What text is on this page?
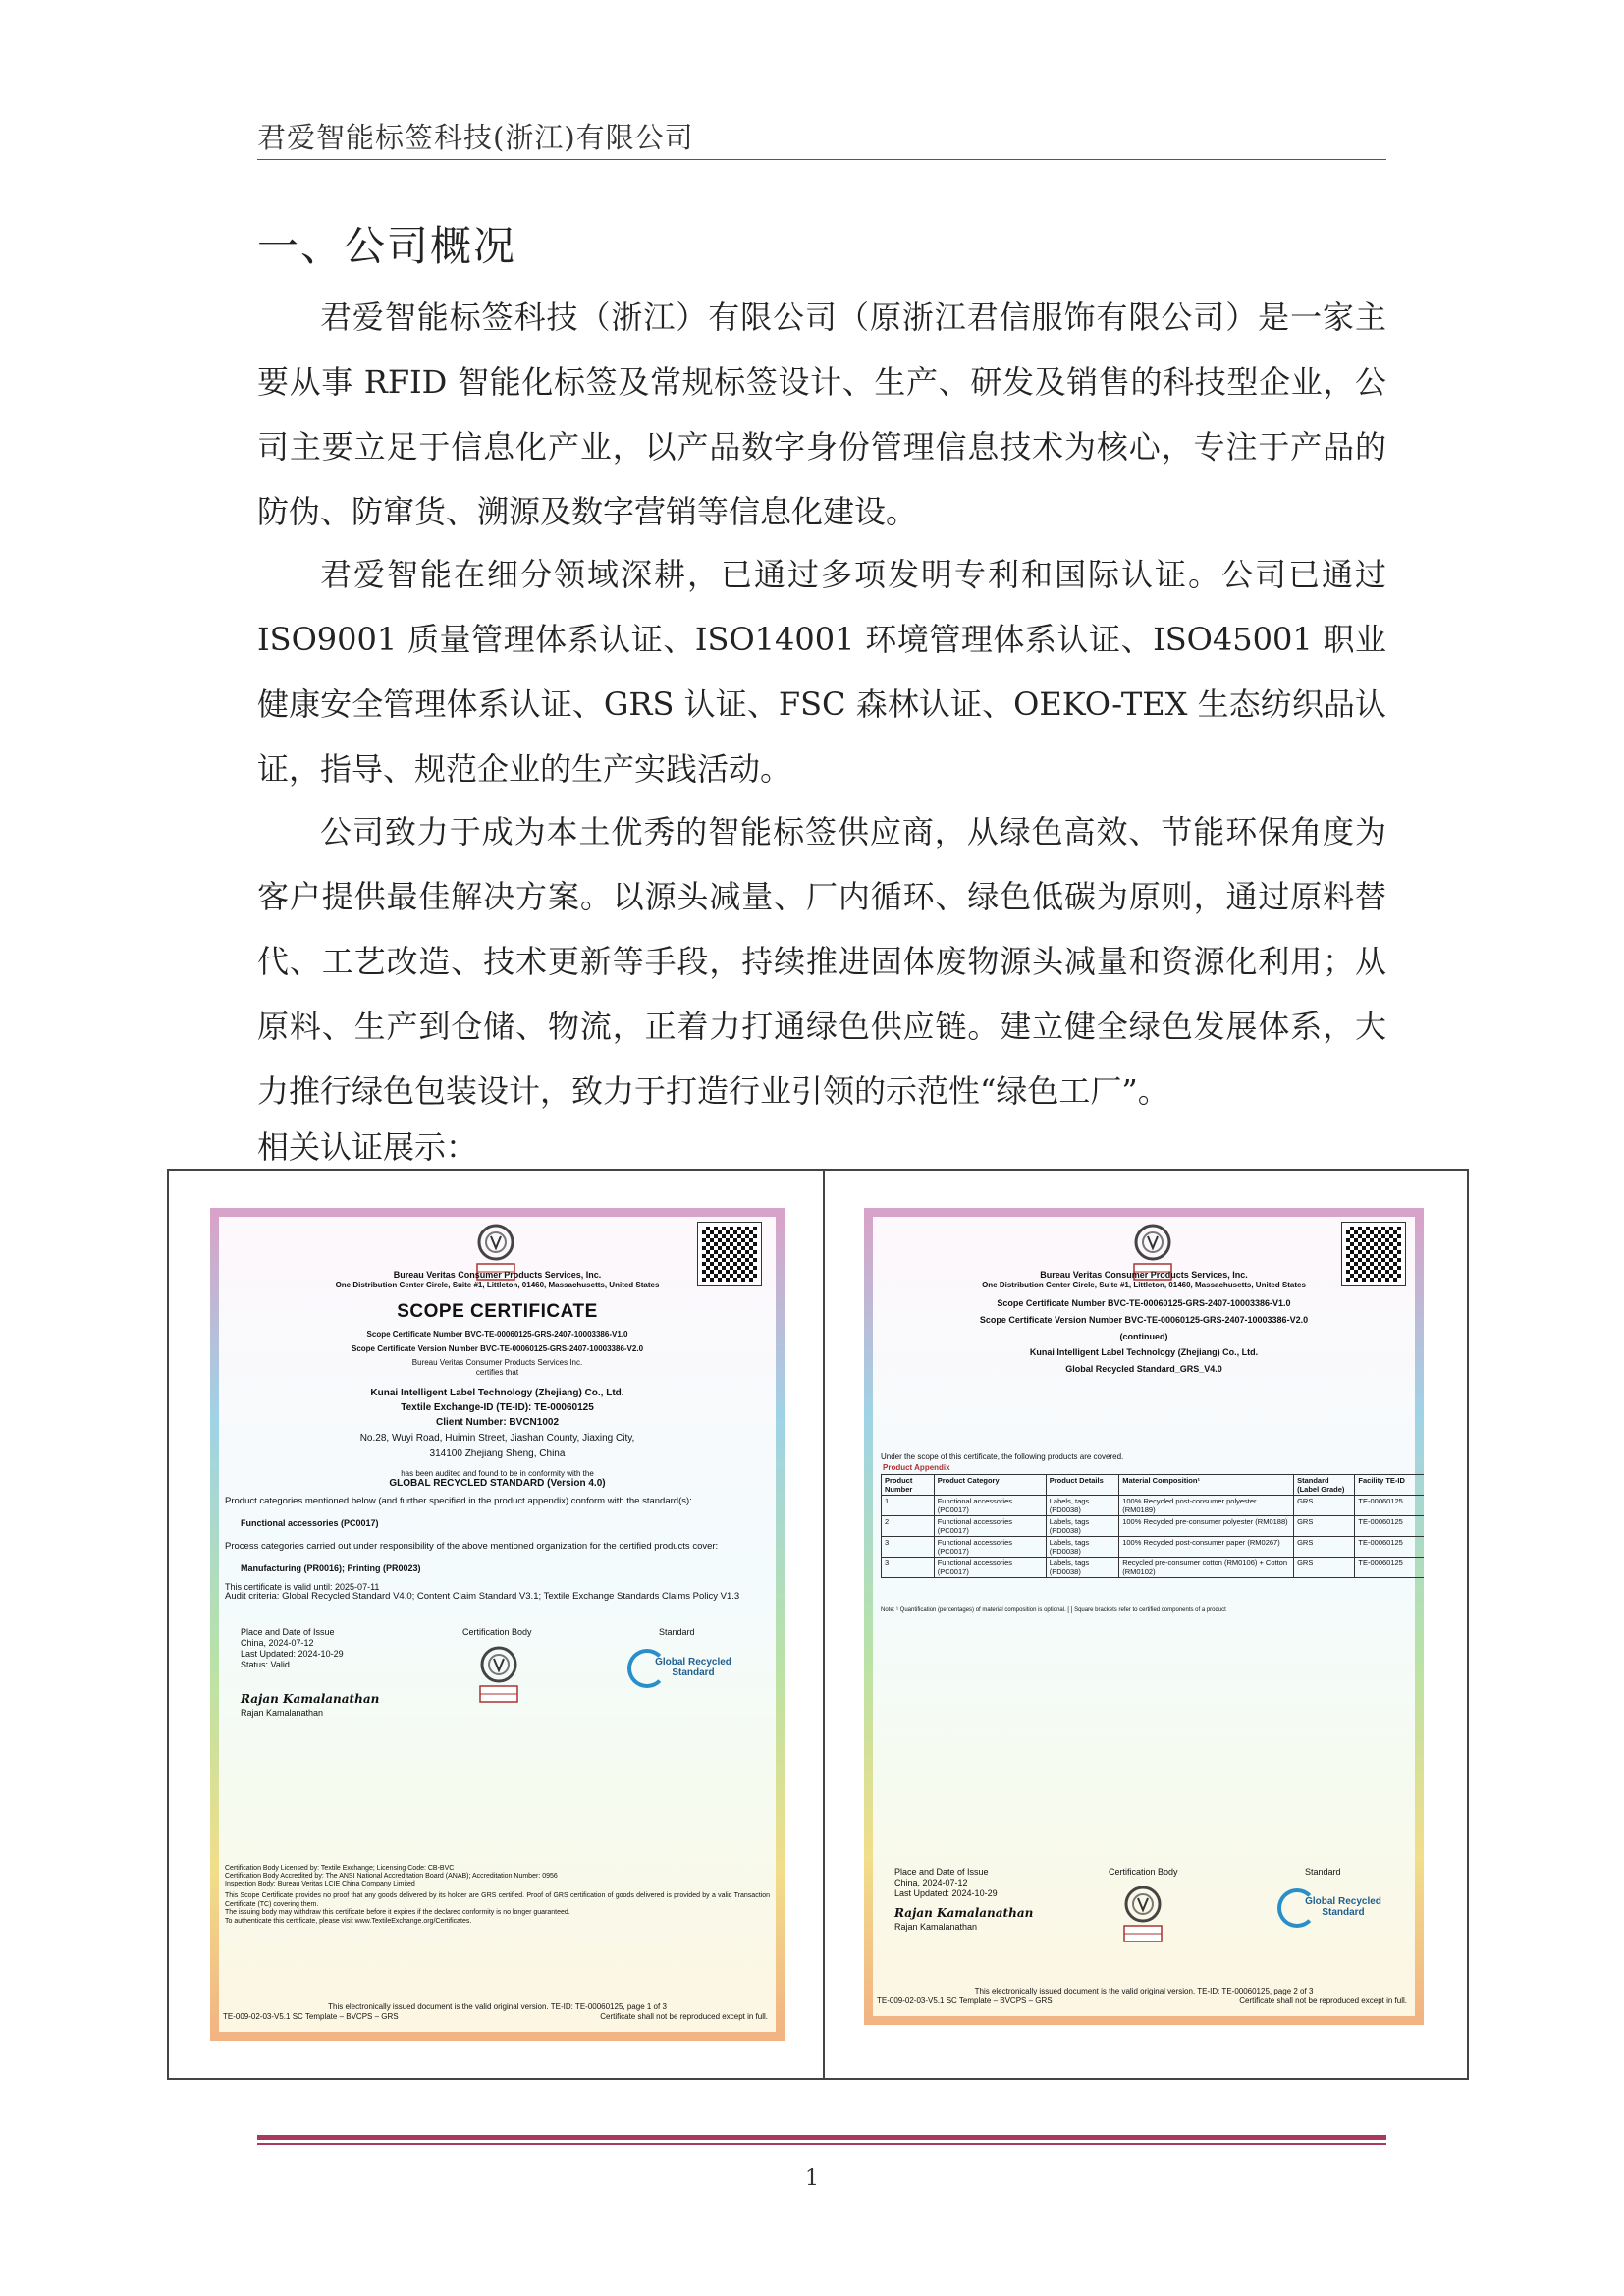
君爱智能标签科技(浙江)有限公司
一、公司概况

君爱智能标签科技（浙江）有限公司（原浙江君信服饰有限公司）是一家主要从事 RFID 智能化标签及常规标签设计、生产、研发及销售的科技型企业，公司主要立足于信息化产业，以产品数字身份管理信息技术为核心，专注于产品的防伪、防窜货、溯源及数字营销等信息化建设。

君爱智能在细分领域深耕，已通过多项发明专利和国际认证。公司已通过 ISO9001 质量管理体系认证、ISO14001 环境管理体系认证、ISO45001 职业健康安全管理体系认证、GRS 认证、FSC 森林认证、OEKO-TEX 生态纺织品认证，指导、规范企业的生产实践活动。

公司致力于成为本土优秀的智能标签供应商，从绿色高效、节能环保角度为客户提供最佳解决方案。以源头减量、厂内循环、绿色低碳为原则，通过原料替代、工艺改造、技术更新等手段，持续推进固体废物源头减量和资源化利用；从原料、生产到仓储、物流，正着力打通绿色供应链。建立健全绿色发展体系，大力推行绿色包装设计，致力于打造行业引领的示范性“绿色工厂”。

相关认证展示：
Bureau Veritas Consumer Products Services, Inc.
One Distribution Center Circle, Suite #1, Littleton, 01460, Massachusetts, United States
SCOPE CERTIFICATE
Scope Certificate Number BVC-TE-00060125-GRS-2407-10003386-V1.0
Scope Certificate Version Number BVC-TE-00060125-GRS-2407-10003386-V2.0
Bureau Veritas Consumer Products Services Inc.
certifies that
Kunai Intelligent Label Technology (Zhejiang) Co., Ltd.
Textile Exchange-ID (TE-ID): TE-00060125
Client Number: BVCN1002
No.28, Wuyi Road, Huimin Street, Jiashan County, Jiaxing City,
314100 Zhejiang Sheng, China
has been audited and found to be in conformity with the
GLOBAL RECYCLED STANDARD (Version 4.0)
Product categories mentioned below (and further specified in the product appendix) conform with the standard(s):
Functional accessories (PC0017)
Process categories carried out under responsibility of the above mentioned organization for the certified products cover:
Manufacturing (PR0016); Printing (PR0023)
This certificate is valid until: 2025-07-11
Audit criteria: Global Recycled Standard V4.0; Content Claim Standard V3.1; Textile Exchange Standards Claims Policy V1.3
Place and Date of Issue
China, 2024-07-12
Last Updated: 2024-10-29
Status: Valid
Certification Body	Standard
Global Recycled Standard
Rajan Kamalanathan
Rajan Kamalanathan
Certification Body Licensed by: Textile Exchange; Licensing Code: CB-BVC
Certification Body Accredited by: The ANSI National Accreditation Board (ANAB); Accreditation Number: 0956
Inspection Body: Bureau Veritas LCIE China Company Limited
This Scope Certificate provides no proof that any goods delivered by its holder are GRS certified. Proof of GRS certification of goods delivered is provided by a valid Transaction Certificate (TC) covering them.
The issuing body may withdraw this certificate before it expires if the declared conformity is no longer guaranteed.
To authenticate this certificate, please visit www.TextileExchange.org/Certificates.
This electronically issued document is the valid original version. TE-ID: TE-00060125, page 1 of 3
Certificate shall not be reproduced except in full.
TE-009-02-03-V5.1 SC Template – BVCPS – GRS
Bureau Veritas Consumer Products Services, Inc.
One Distribution Center Circle, Suite #1, Littleton, 01460, Massachusetts, United States
Scope Certificate Number BVC-TE-00060125-GRS-2407-10003386-V1.0
Scope Certificate Version Number BVC-TE-00060125-GRS-2407-10003386-V2.0
(continued)
Kunai Intelligent Label Technology (Zhejiang) Co., Ltd.
Global Recycled Standard_GRS_V4.0
Under the scope of this certificate, the following products are covered.
Product Appendix
Product Number	Product Category	Product Details	Material Composition¹	Standard (Label Grade)	Facility TE-ID
1	Functional accessories (PC0017)	Labels, tags (PD0038)	100% Recycled post-consumer polyester (RM0189)	GRS	TE-00060125
2	Functional accessories (PC0017)	Labels, tags (PD0038)	100% Recycled pre-consumer polyester (RM0188)	GRS	TE-00060125
3	Functional accessories (PC0017)	Labels, tags (PD0038)	100% Recycled post-consumer paper (RM0267)	GRS	TE-00060125
3	Functional accessories (PC0017)	Labels, tags (PD0038)	Recycled pre-consumer cotton (RM0106) + Cotton (RM0102)	GRS	TE-00060125
Note: ¹ Quantification (percentages) of material composition is optional. [ ] Square brackets refer to certified components of a product
Place and Date of Issue
China, 2024-07-12
Last Updated: 2024-10-29
Certification Body	Standard
Global Recycled Standard
Rajan Kamalanathan
Rajan Kamalanathan
This electronically issued document is the valid original version. TE-ID: TE-00060125, page 2 of 3
Certificate shall not be reproduced except in full.
TE-009-02-03-V5.1 SC Template – BVCPS – GRS
1
